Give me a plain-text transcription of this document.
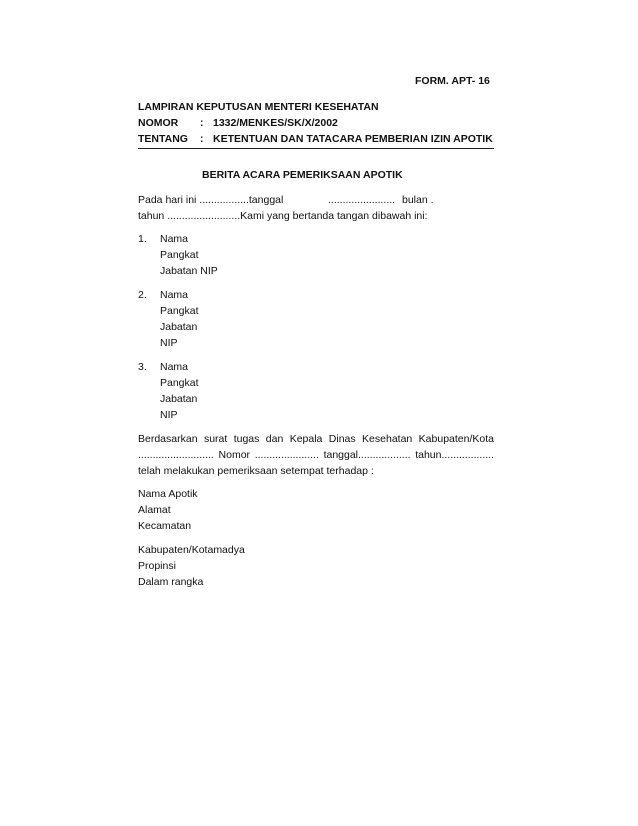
FORM. APT- 16
LAMPIRAN KEPUTUSAN MENTERI KESEHATAN
NOMOR : 1332/MENKES/SK/X/2002
TENTANG : KETENTUAN DAN TATACARA PEMBERIAN IZIN APOTIK
BERITA ACARA PEMERIKSAAN APOTIK
Pada hari ini .................tanggal	....................... bulan .
tahun .........................Kami yang bertanda tangan dibawah ini:
1. Nama
Pangkat
Jabatan NIP
2. Nama
Pangkat
Jabatan
NIP
3. Nama
Pangkat
Jabatan
NIP
Berdasarkan surat tugas dan Kepala Dinas Kesehatan Kabupaten/Kota
.......................... Nomor ...................... tanggal.................. tahun..................
telah melakukan pemeriksaan setempat terhadap :
Nama Apotik
Alamat
Kecamatan
Kabupaten/Kotamadya
Propinsi
Dalam rangka
